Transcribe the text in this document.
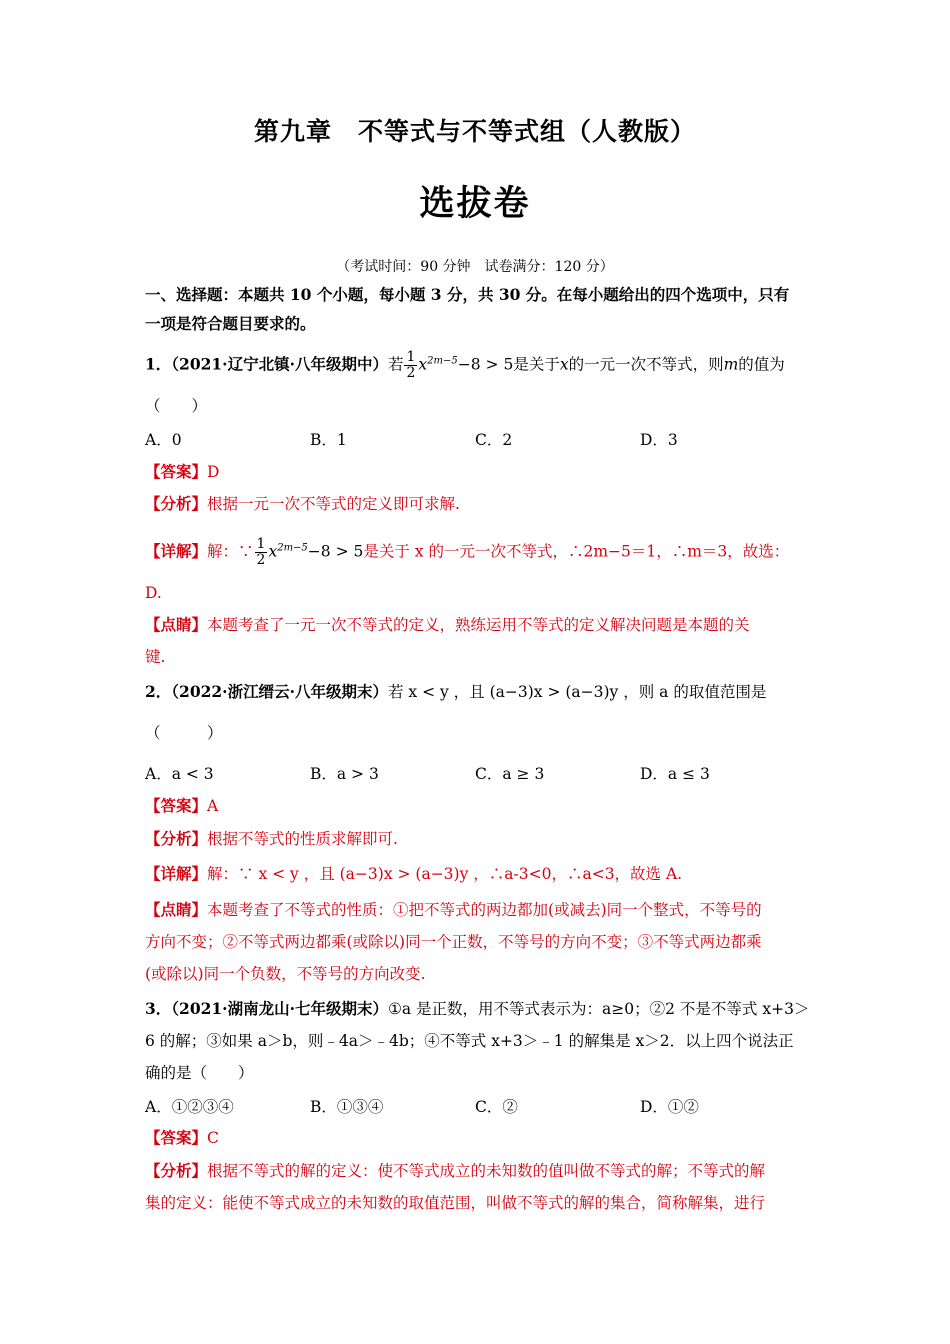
第九章　不等式与不等式组（人教版）
选拔卷
（考试时间：90 分钟　试卷满分：120 分）
一、选择题：本题共 10 个小题，每小题 3 分，共 30 分。在每小题给出的四个选项中，只有
一项是符合题目要求的。
1．（2021·辽宁北镇·八年级期中）若 $\frac{1}{2} x^{2m-5}-8 > 5$是关于x的一元一次不等式，则m的值为
（　　）
A．0	B．1	C．2	D．3
【答案】D
【分析】根据一元一次不等式的定义即可求解.
【详解】解：∵ $\frac{1}{2} x^{2m-5}-8 > 5$是关于 x 的一元一次不等式，∴2m−5＝1，∴m＝3，故选：
D.
【点睛】本题考查了一元一次不等式的定义，熟练运用不等式的定义解决问题是本题的关
键.
2．（2022·浙江缙云·八年级期末）若 x < y ，且 (a−3)x > (a−3)y ，则 a 的取值范围是
（　　　）
A．a < 3	B．a > 3	C．a ≥ 3	D．a ≤ 3
【答案】A
【分析】根据不等式的性质求解即可.
【详解】解：∵ x < y ，且 (a−3)x > (a−3)y ，∴a-3<0，∴a<3，故选 A.
【点睛】本题考查了不等式的性质：①把不等式的两边都加(或减去)同一个整式，不等号的
方向不变；②不等式两边都乘(或除以)同一个正数，不等号的方向不变；③不等式两边都乘
(或除以)同一个负数，不等号的方向改变.
3．（2021·湖南龙山·七年级期末）①a 是正数，用不等式表示为：a≥0；②2 不是不等式 x+3＞
6 的解；③如果 a＞b，则﹣4a＞﹣4b；④不等式 x+3＞﹣1 的解集是 x＞2．以上四个说法正
确的是（　　）
A．①②③④	B．①③④	C．②	D．①②
【答案】C
【分析】根据不等式的解的定义：使不等式成立的未知数的值叫做不等式的解；不等式的解
集的定义：能使不等式成立的未知数的取值范围，叫做不等式的解的集合，简称解集，进行
